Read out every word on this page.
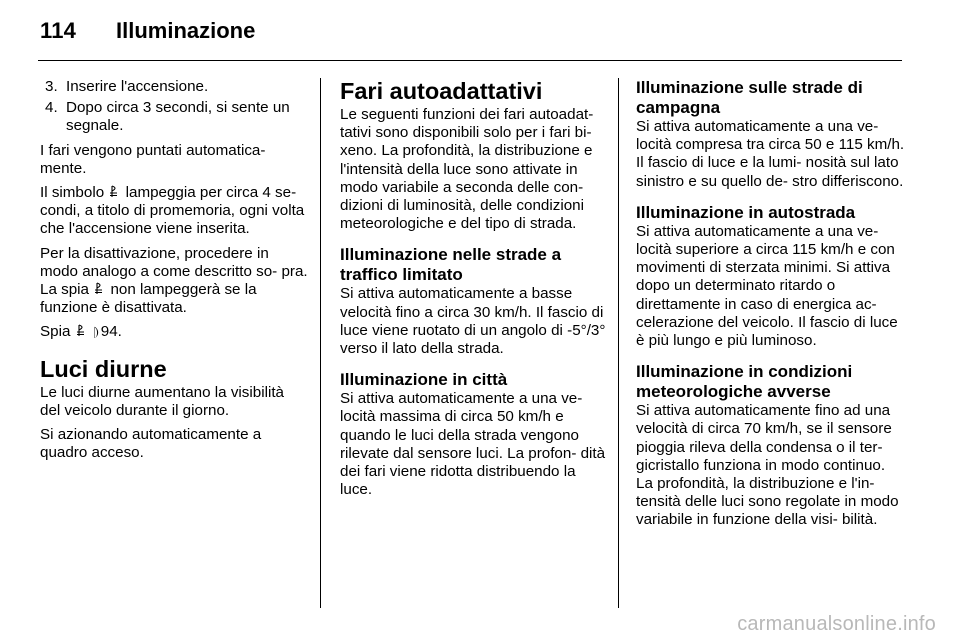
114 Illuminazione
3. Inserire l'accensione.
4. Dopo circa 3 secondi, si sente un segnale.

I fari vengono puntati automatica- mente.

Il simbolo lampeggia per circa 4 se- condi, a titolo di promemoria, ogni volta che l'accensione viene inserita.

Per la disattivazione, procedere in modo analogo a come descritto so- pra. La spia non lampeggerà se la funzione è disattivata.

Spia ⦈ 94.

Luci diurne

Le luci diurne aumentano la visibilità del veicolo durante il giorno.

Si azionando automaticamente a quadro acceso.

Fari autoadattativi

Le seguenti funzioni dei fari autoadat- tativi sono disponibili solo per i fari bi- xeno. La profondità, la distribuzione e l'intensità della luce sono attivate in modo variabile a seconda delle con- dizioni di luminosità, delle condizioni meteorologiche e del tipo di strada.

Illuminazione nelle strade a traffico limitato

Si attiva automaticamente a basse velocità fino a circa 30 km/h. Il fascio di luce viene ruotato di un angolo di -5°/3° verso il lato della strada.

Illuminazione in città

Si attiva automaticamente a una ve- locità massima di circa 50 km/h e quando le luci della strada vengono rilevate dal sensore luci. La profon- dità dei fari viene ridotta distribuendo la luce.

Illuminazione sulle strade di campagna

Si attiva automaticamente a una ve- locità compresa tra circa 50 e 115 km/h. Il fascio di luce e la lumi- nosità sul lato sinistro e su quello de- stro differiscono.

Illuminazione in autostrada

Si attiva automaticamente a una ve- locità superiore a circa 115 km/h e con movimenti di sterzata minimi. Si attiva dopo un determinato ritardo o direttamente in caso di energica ac- celerazione del veicolo. Il fascio di luce è più lungo e più luminoso.

Illuminazione in condizioni meteorologiche avverse

Si attiva automaticamente fino ad una velocità di circa 70 km/h, se il sensore pioggia rileva della condensa o il ter- gicristallo funziona in modo continuo. La profondità, la distribuzione e l'in- tensità delle luci sono regolate in modo variabile in funzione della visi- bilità.

carmanualsonline.info
